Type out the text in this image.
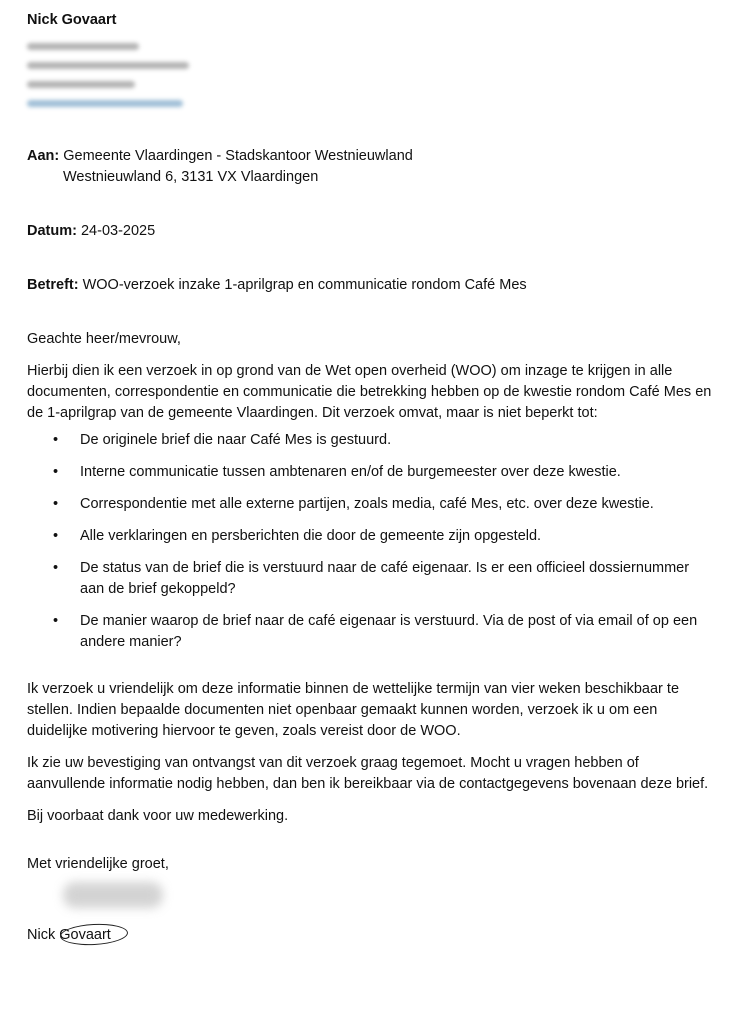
Nick Govaart

Aan: Gemeente Vlaardingen - Stadskantoor Westnieuwland
Westnieuwland 6, 3131 VX Vlaardingen
Datum: 24-03-2025
Betreft: WOO-verzoek inzake 1-aprilgrap en communicatie rondom Café Mes

Geachte heer/mevrouw,

Hierbij dien ik een verzoek in op grond van de Wet open overheid (WOO) om inzage te krijgen in alle documenten, correspondentie en communicatie die betrekking hebben op de kwestie rondom Café Mes en de 1-aprilgrap van de gemeente Vlaardingen. Dit verzoek omvat, maar is niet beperkt tot:

• De originele brief die naar Café Mes is gestuurd.
• Interne communicatie tussen ambtenaren en/of de burgemeester over deze kwestie.
• Correspondentie met alle externe partijen, zoals media, café Mes, etc. over deze kwestie.
• Alle verklaringen en persberichten die door de gemeente zijn opgesteld.
• De status van de brief die is verstuurd naar de café eigenaar. Is er een officieel dossiernummer aan de brief gekoppeld?
• De manier waarop de brief naar de café eigenaar is verstuurd. Via de post of via email of op een andere manier?

Ik verzoek u vriendelijk om deze informatie binnen de wettelijke termijn van vier weken beschikbaar te stellen. Indien bepaalde documenten niet openbaar gemaakt kunnen worden, verzoek ik u om een duidelijke motivering hiervoor te geven, zoals vereist door de WOO.

Ik zie uw bevestiging van ontvangst van dit verzoek graag tegemoet. Mocht u vragen hebben of aanvullende informatie nodig hebben, dan ben ik bereikbaar via de contactgegevens bovenaan deze brief.

Bij voorbaat dank voor uw medewerking.

Met vriendelijke groet,

Nick Govaart
